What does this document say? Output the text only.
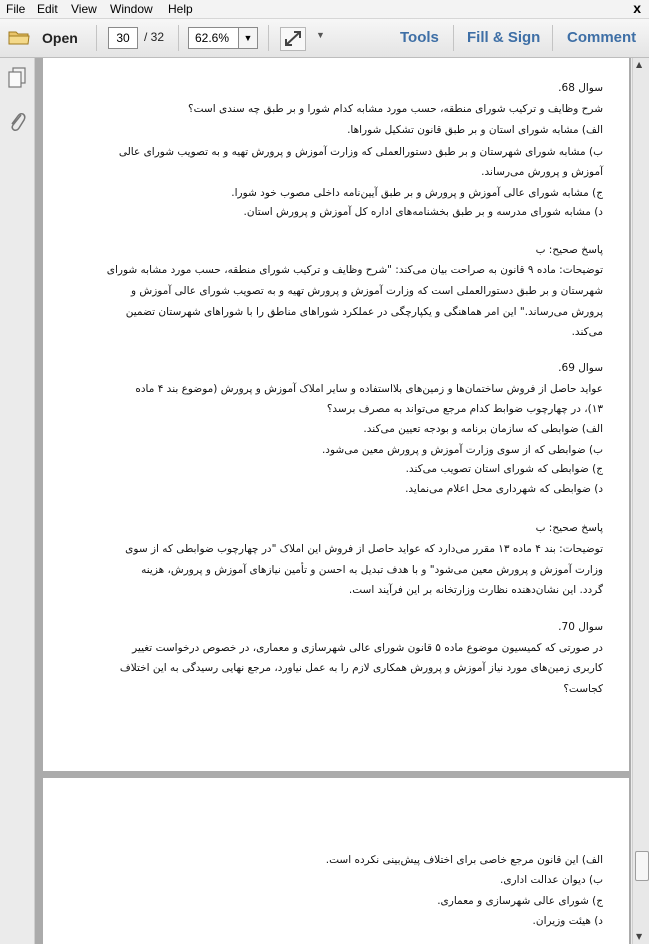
File Edit View Window Help	x
Open	30	/ 32	62.6%	▼	▼	Tools Fill & Sign Comment
سوال 68.
شرح وظایف و ترکیب شورای منطقه، حسب مورد مشابه کدام شورا و بر طبق چه سندی است؟
الف) مشابه شورای استان و بر طبق قانون تشکیل شوراها.
ب) مشابه شورای شهرستان و بر طبق دستورالعملی که وزارت آموزش و پرورش تهیه و به تصویب شورای عالی
آموزش و پرورش می‌رساند.
ج) مشابه شورای عالی آموزش و پرورش و بر طبق آیین‌نامه داخلی مصوب خود شورا.
د) مشابه شورای مدرسه و بر طبق بخشنامه‌های اداره کل آموزش و پرورش استان.
پاسخ صحیح: ب
توضیحات: ماده ۹ قانون به صراحت بیان می‌کند: "شرح وظایف و ترکیب شورای منطقه، حسب مورد مشابه شورای
شهرستان و بر طبق دستورالعملی است که وزارت آموزش و پرورش تهیه و به تصویب شورای عالی آموزش و
پرورش می‌رساند." این امر هماهنگی و یکپارچگی در عملکرد شوراهای مناطق را با شوراهای شهرستان تضمین
می‌کند.
سوال 69.
عواید حاصل از فروش ساختمان‌ها و زمین‌های بلااستفاده و سایر املاک آموزش و پرورش (موضوع بند ۴ ماده
۱۳)، در چهارچوب ضوابط کدام مرجع می‌تواند به مصرف برسد؟
الف) ضوابطی که سازمان برنامه و بودجه تعیین می‌کند.
ب) ضوابطی که از سوی وزارت آموزش و پرورش معین می‌شود.
ج) ضوابطی که شورای استان تصویب می‌کند.
د) ضوابطی که شهرداری محل اعلام می‌نماید.
پاسخ صحیح: ب
توضیحات: بند ۴ ماده ۱۳ مقرر می‌دارد که عواید حاصل از فروش این املاک "در چهارچوب ضوابطی که از سوی
وزارت آموزش و پرورش معین می‌شود" و با هدف تبدیل به احسن و تأمین نیازهای آموزش و پرورش، هزینه
گردد. این نشان‌دهنده نظارت وزارتخانه بر این فرآیند است.
سوال 70.
در صورتی که کمیسیون موضوع ماده ۵ قانون شورای عالی شهرسازی و معماری، در خصوص درخواست تغییر
کاربری زمین‌های مورد نیاز آموزش و پرورش همکاری لازم را به عمل نیاورد، مرجع نهایی رسیدگی به این اختلاف
کجاست؟
الف) این قانون مرجع خاصی برای اختلاف پیش‌بینی نکرده است.
ب) دیوان عدالت اداری.
ج) شورای عالی شهرسازی و معماری.
د) هیئت وزیران.
▲
▼
